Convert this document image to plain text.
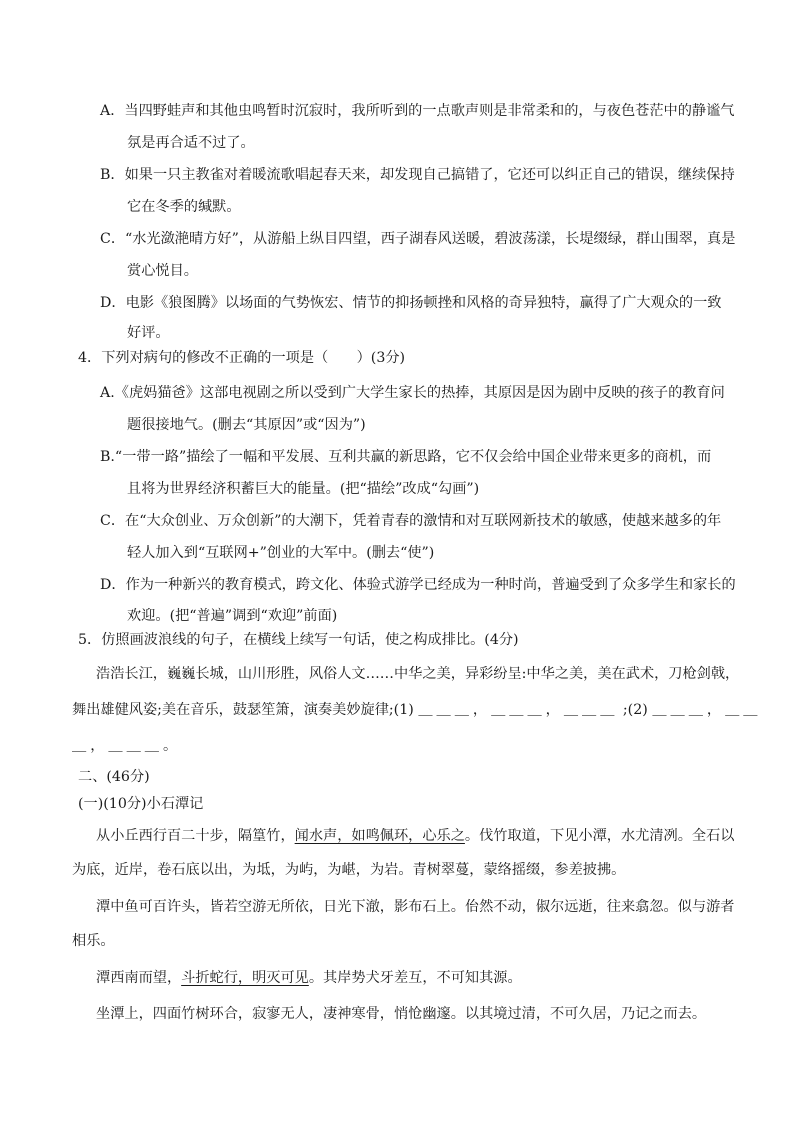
A．当四野蛙声和其他虫鸣暂时沉寂时，我所听到的一点歌声则是非常柔和的，与夜色苍茫中的静谧气
氛是再合适不过了。
B．如果一只主教雀对着暖流歌唱起春天来，却发现自己搞错了，它还可以纠正自己的错误，继续保持
它在冬季的缄默。
C．“水光潋滟晴方好”，从游船上纵目四望，西子湖春风送暖，碧波荡漾，长堤缀绿，群山围翠，真是
赏心悦目。
D．电影《狼图腾》以场面的气势恢宏、情节的抑扬顿挫和风格的奇异独特，赢得了广大观众的一致
好评。
4．下列对病句的修改不正确的一项是（　　）(3分)
A.《虎妈猫爸》这部电视剧之所以受到广大学生家长的热捧，其原因是因为剧中反映的孩子的教育问
题很接地气。(删去“其原因”或“因为”)
B.“一带一路”描绘了一幅和平发展、互利共赢的新思路，它不仅会给中国企业带来更多的商机，而
且将为世界经济积蓄巨大的能量。(把“描绘”改成“勾画”)
C．在“大众创业、万众创新”的大潮下，凭着青春的激情和对互联网新技术的敏感，使越来越多的年
轻人加入到“互联网+”创业的大军中。(删去“使”)
D．作为一种新兴的教育模式，跨文化、体验式游学已经成为一种时尚，普遍受到了众多学生和家长的
欢迎。(把“普遍”调到“欢迎”前面)
5．仿照画波浪线的句子，在横线上续写一句话，使之构成排比。(4分)
浩浩长江，巍巍长城，山川形胜，风俗人文……中华之美，异彩纷呈:中华之美，美在武术，刀枪剑戟，
舞出雄健风姿;美在音乐，鼓瑟笙箫，演奏美妙旋律;(1) ＿＿＿，＿＿＿，＿＿＿ ;(2) ＿＿＿，＿＿
＿，＿＿＿。
二、(46分)
(一)(10分)小石潭记
从小丘西行百二十步，隔篁竹，闻水声，如鸣佩环，心乐之。伐竹取道，下见小潭，水尤清冽。全石以
为底，近岸，卷石底以出，为坻，为屿，为嵁，为岩。青树翠蔓，蒙络摇缀，参差披拂。
潭中鱼可百许头，皆若空游无所依，日光下澈，影布石上。佁然不动，俶尔远逝，往来翕忽。似与游者
相乐。
潭西南而望，斗折蛇行，明灭可见。其岸势犬牙差互，不可知其源。
坐潭上，四面竹树环合，寂寥无人，凄神寒骨，悄怆幽邃。以其境过清，不可久居，乃记之而去。
